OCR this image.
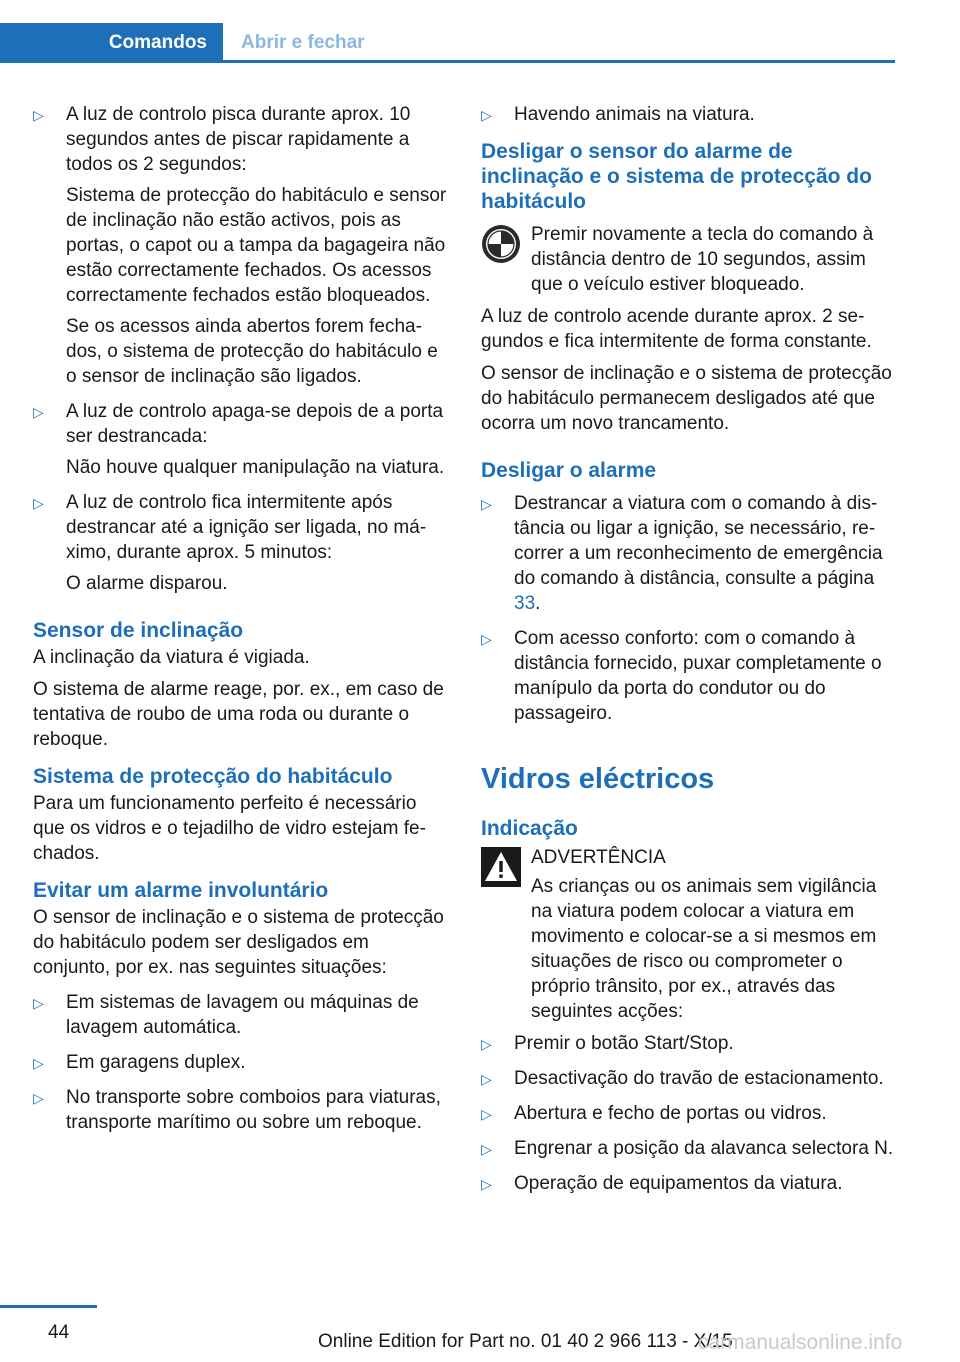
Comandos Abrir e fechar
▷ A luz de controlo pisca durante aprox. 10 segundos antes de piscar rapidamente a todos os 2 segundos:

Sistema de protecção do habitáculo e sensor de inclinação não estão activos, pois as portas, o capot ou a tampa da bagageira não estão correctamente fechados. Os acessos correctamente fechados estão bloqueados.

Se os acessos ainda abertos forem fechados, o sistema de protecção do habitáculo e o sensor de inclinação são ligados.

▷ A luz de controlo apaga-se depois de a porta ser destrancada:

Não houve qualquer manipulação na viatura.

▷ A luz de controlo fica intermitente após destrancar até a ignição ser ligada, no máximo, durante aprox. 5 minutos:

O alarme disparou.

Sensor de inclinação

A inclinação da viatura é vigiada.

O sistema de alarme reage, por. ex., em caso de tentativa de roubo de uma roda ou durante o reboque.

Sistema de protecção do habitáculo

Para um funcionamento perfeito é necessário que os vidros e o tejadilho de vidro estejam fechados.

Evitar um alarme involuntário

O sensor de inclinação e o sistema de protecção do habitáculo podem ser desligados em conjunto, por ex. nas seguintes situações:

▷ Em sistemas de lavagem ou máquinas de lavagem automática.

▷ Em garagens duplex.

▷ No transporte sobre comboios para viaturas, transporte marítimo ou sobre um reboque.

▷ Havendo animais na viatura.

Desligar o sensor do alarme de inclinação e o sistema de protecção do habitáculo

Premir novamente a tecla do comando à distância dentro de 10 segundos, assim que o veículo estiver bloqueado.

A luz de controlo acende durante aprox. 2 segundos e fica intermitente de forma constante.

O sensor de inclinação e o sistema de protecção do habitáculo permanecem desligados até que ocorra um novo trancamento.

Desligar o alarme
▷ Destrancar a viatura com o comando à distância ou ligar a ignição, se necessário, recorrer a um reconhecimento de emergência do comando à distância, consulte a página 33.

▷ Com acesso conforto: com o comando à distância fornecido, puxar completamente o manípulo da porta do condutor ou do passageiro.

Vidros eléctricos
Indicação

ADVERTÊNCIA

As crianças ou os animais sem vigilância na viatura podem colocar a viatura em movimento e colocar-se a si mesmos em situações de risco ou comprometer o próprio trânsito, por ex., através das seguintes acções:

▷ Premir o botão Start/Stop.

▷ Desactivação do travão de estacionamento.

▷ Abertura e fecho de portas ou vidros.

▷ Engrenar a posição da alavanca selectora N.

▷ Operação de equipamentos da viatura.

44	Online Edition for Part no. 01 40 2 966 113 - X/15
carmanualsonline.info
